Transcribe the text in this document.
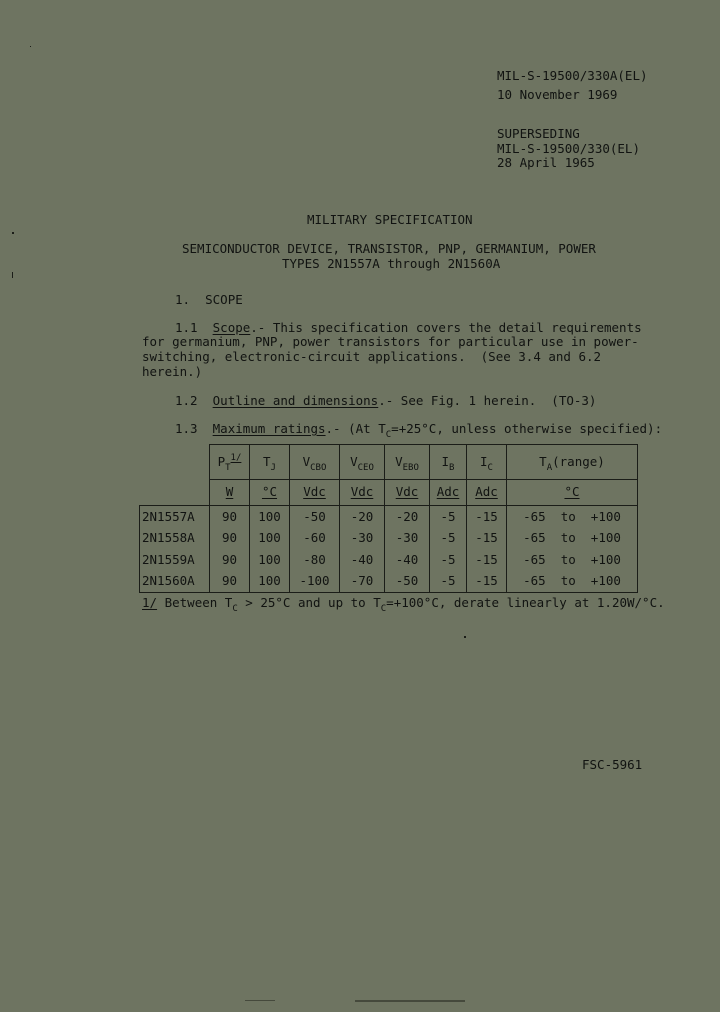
MIL-S-19500/330A(EL)
10 November 1969
SUPERSEDING
MIL-S-19500/330(EL)
28 April 1965
MILITARY SPECIFICATION
SEMICONDUCTOR DEVICE, TRANSISTOR, PNP, GERMANIUM, POWER
TYPES 2N1557A through 2N1560A
1. SCOPE
1.1 Scope.- This specification covers the detail requirements
for germanium, PNP, power transistors for particular use in power-
switching, electronic-circuit applications.  (See 3.4 and 6.2
herein.)
1.2 Outline and dimensions.- See Fig. 1 herein.  (TO-3)
1.3 Maximum ratings.- (At $T_C=+25^\circ C$, unless otherwise specified):
	$P_T^{1/}$	$T_J$	$V_{CBO}$	$V_{CEO}$	$V_{EBO}$	$I_B$	$I_C$	$T_A(range)$
	W	°C	Vdc	Vdc	Vdc	Adc	Adc	°C
2N1557A	90	100	-50	-20	-20	-5	-15	-65  to  +100
2N1558A	90	100	-60	-30	-30	-5	-15	-65  to  +100
2N1559A	90	100	-80	-40	-40	-5	-15	-65  to  +100
2N1560A	90	100	-100	-70	-50	-5	-15	-65  to  +100
1/ Between $T_C > 25^\circ C$ and up to $T_C=+100^\circ C$, derate linearly at 1.20W/°C.
FSC-5961
